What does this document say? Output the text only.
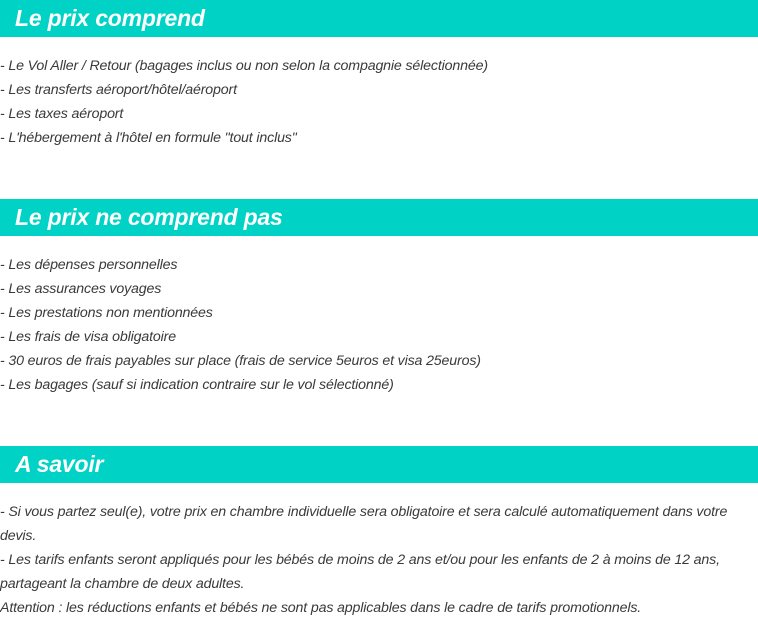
Le prix comprend
- Le Vol Aller / Retour (bagages inclus ou non selon la compagnie sélectionnée)
- Les transferts aéroport/hôtel/aéroport
- Les taxes aéroport
- L'hébergement à l'hôtel en formule "tout inclus"
Le prix ne comprend pas
- Les dépenses personnelles
- Les assurances voyages
- Les prestations non mentionnées
- Les frais de visa obligatoire
- 30 euros de frais payables sur place (frais de service 5euros et visa 25euros)
- Les bagages (sauf si indication contraire sur le vol sélectionné)
A savoir
- Si vous partez seul(e), votre prix en chambre individuelle sera obligatoire et sera calculé automatiquement dans votre devis.
- Les tarifs enfants seront appliqués pour les bébés de moins de 2 ans et/ou pour les enfants de 2 à moins de 12 ans, partageant la chambre de deux adultes.
Attention : les réductions enfants et bébés ne sont pas applicables dans le cadre de tarifs promotionnels.
